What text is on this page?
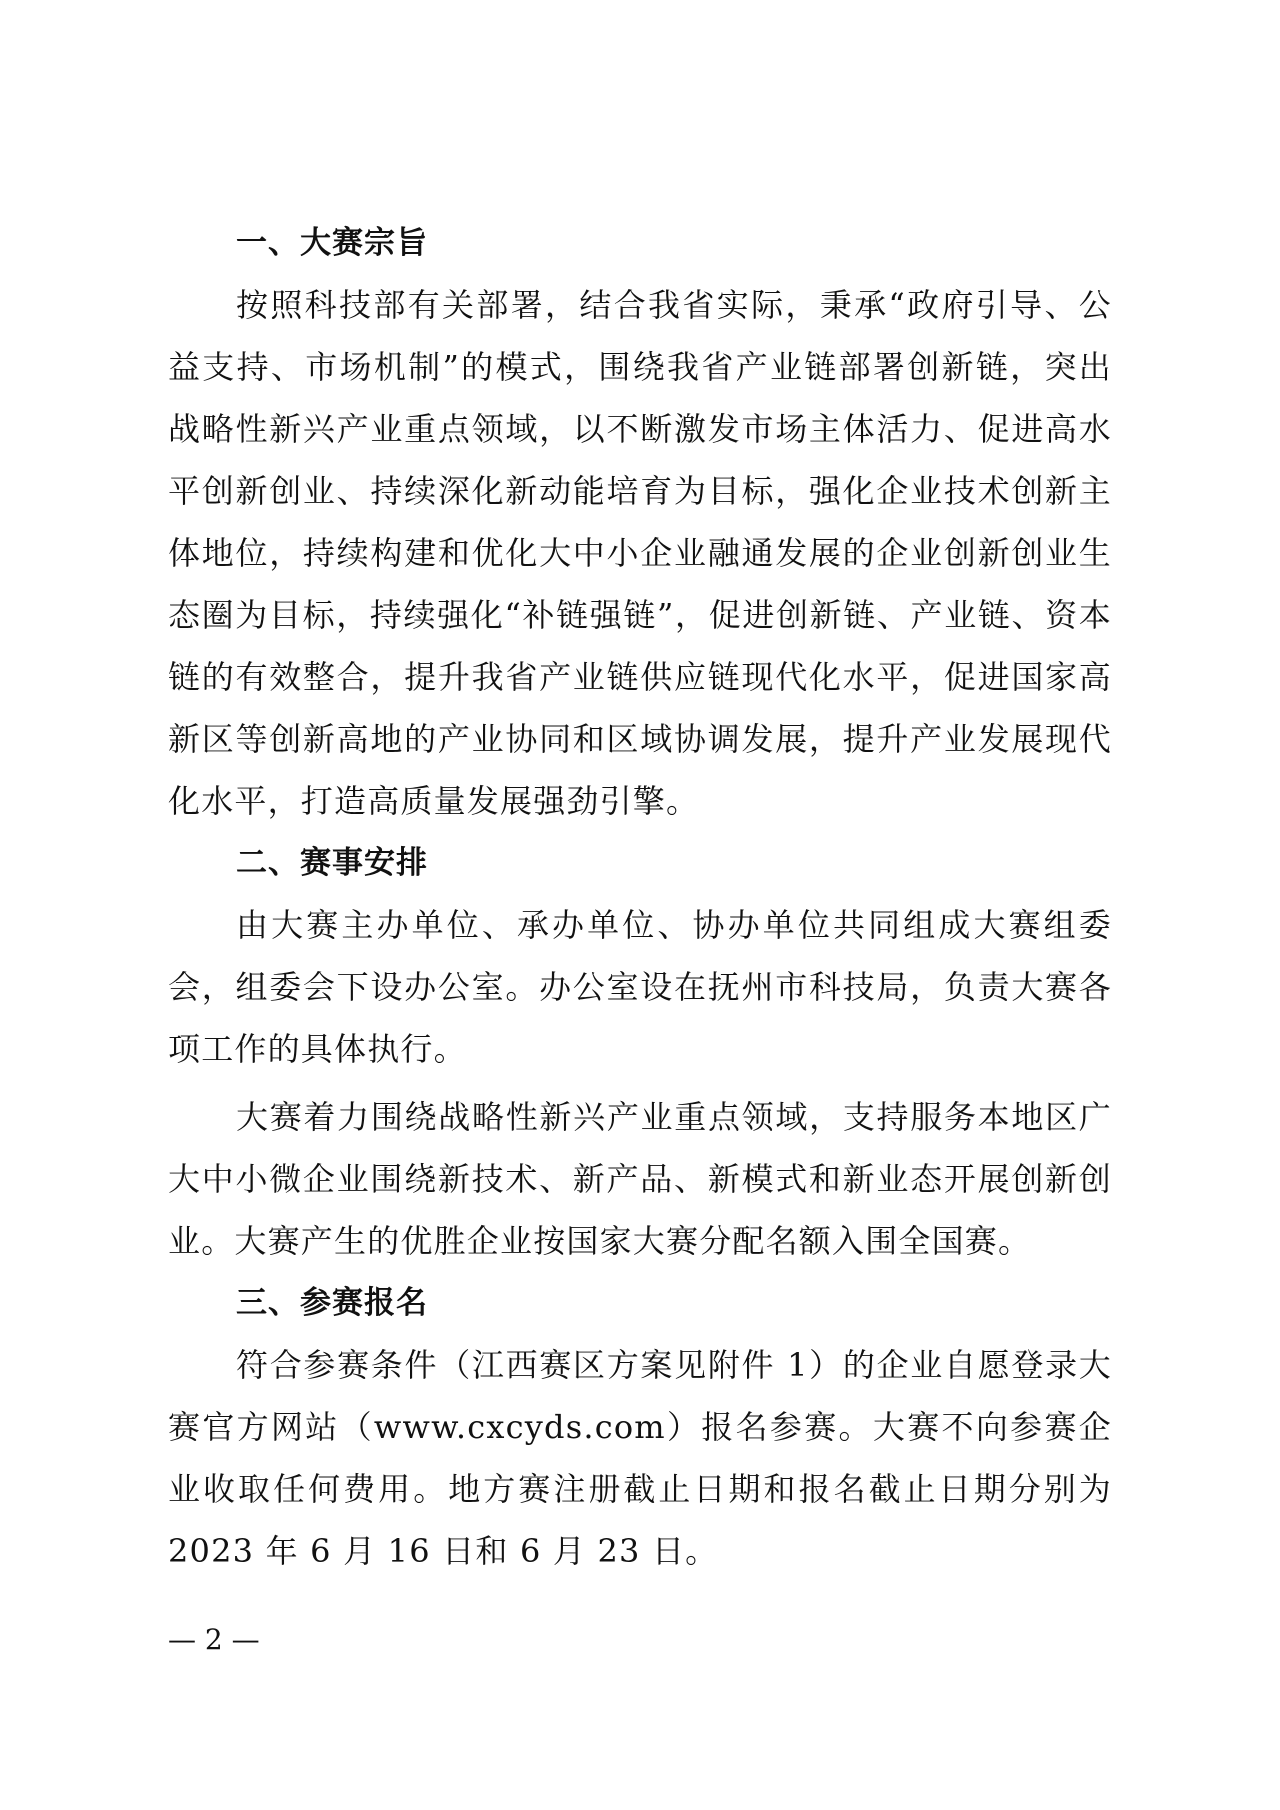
一、大赛宗旨

按照科技部有关部署，结合我省实际，秉承“政府引导、公益支持、市场机制”的模式，围绕我省产业链部署创新链，突出战略性新兴产业重点领域，以不断激发市场主体活力、促进高水平创新创业、持续深化新动能培育为目标，强化企业技术创新主体地位，持续构建和优化大中小企业融通发展的企业创新创业生态圈为目标，持续强化“补链强链”，促进创新链、产业链、资本链的有效整合，提升我省产业链供应链现代化水平，促进国家高新区等创新高地的产业协同和区域协调发展，提升产业发展现代化水平，打造高质量发展强劲引擎。

二、赛事安排

由大赛主办单位、承办单位、协办单位共同组成大赛组委会，组委会下设办公室。办公室设在抚州市科技局，负责大赛各项工作的具体执行。

大赛着力围绕战略性新兴产业重点领域，支持服务本地区广大中小微企业围绕新技术、新产品、新模式和新业态开展创新创业。大赛产生的优胜企业按国家大赛分配名额入围全国赛。

三、参赛报名

符合参赛条件（江西赛区方案见附件 1）的企业自愿登录大赛官方网站（www.cxcyds.com）报名参赛。大赛不向参赛企业收取任何费用。地方赛注册截止日期和报名截止日期分别为 2023 年 6 月 16 日和 6 月 23 日。

— 2 —
